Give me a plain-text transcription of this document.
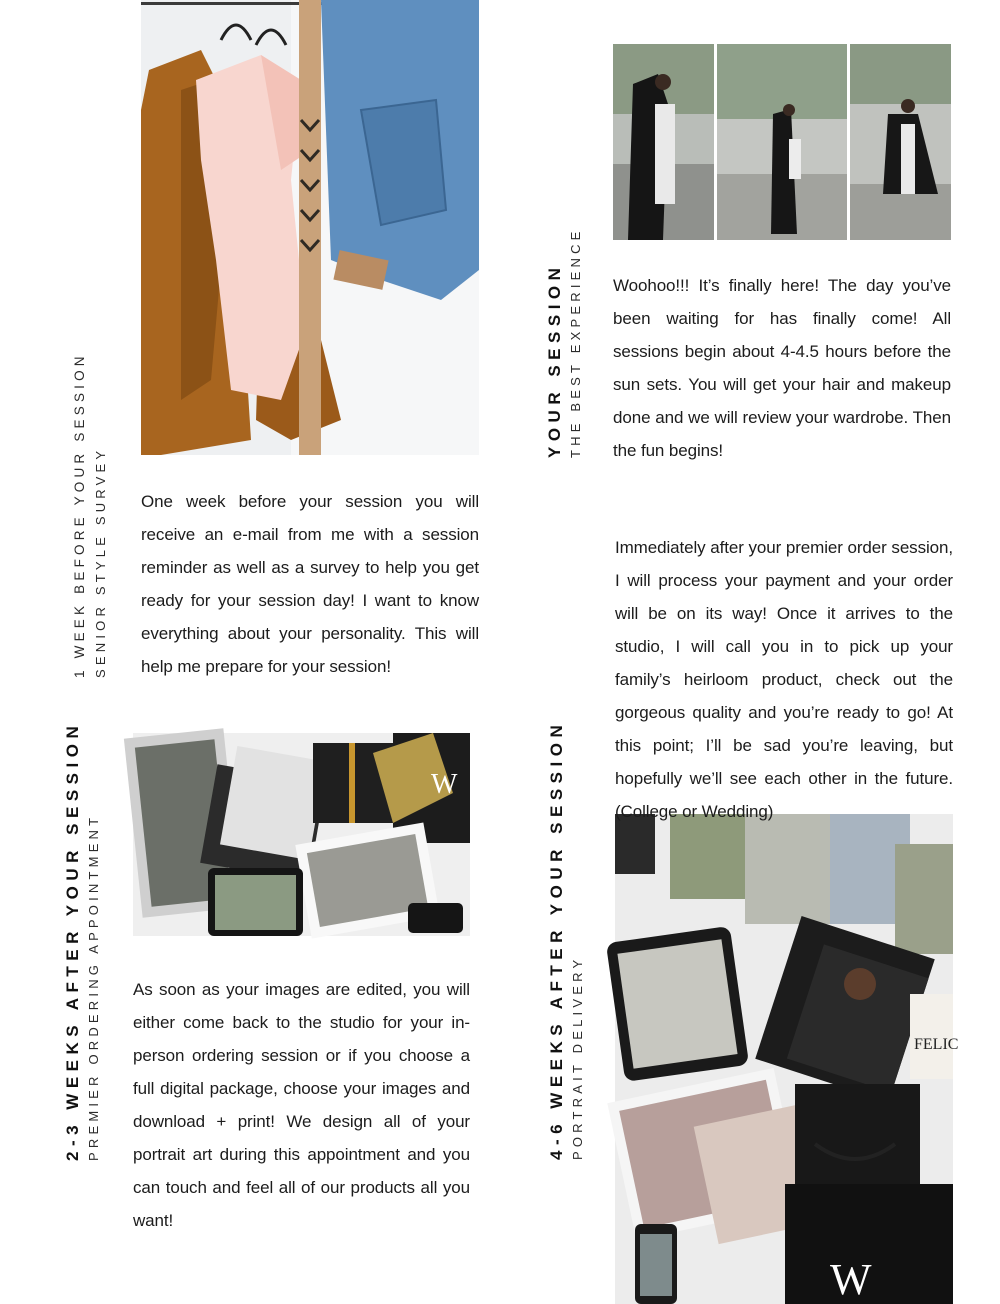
W
FELIC
W

One week before your session you will receive an e-mail from me with a session reminder as well as a survey to help you get ready for your session day! I want to know everything about your personality. This will help me prepare for your session!

Woohoo!!! It’s finally here! The day you’ve been waiting for has finally come! All sessions begin about 4-4.5 hours before the sun sets. You will get your hair and makeup done and we will review your wardrobe. Then the fun begins!

As soon as your images are edited, you will either come back to the studio for your in-person ordering session or if you choose a full digital package, choose your images and download + print! We design all of your portrait art during this appointment and you can touch and feel all of our products all you want!

Immediately after your premier order session, I will process your payment and your order will be on its way! Once it arrives to the studio, I will call you in to pick up your family’s heirloom product, check out the gorgeous quality and you’re ready to go! At this point; I’ll be sad you’re leaving, but hopefully we’ll see each other in the future. (College or Wedding)

1 WEEK BEFORE YOUR SESSION SENIOR STYLE SURVEY
YOUR SESSION THE BEST EXPERIENCE
2-3 WEEKS AFTER YOUR SESSION PREMIER ORDERING APPOINTMENT	4-6 WEEKS AFTER YOUR SESSION PORTRAIT DELIVERY
